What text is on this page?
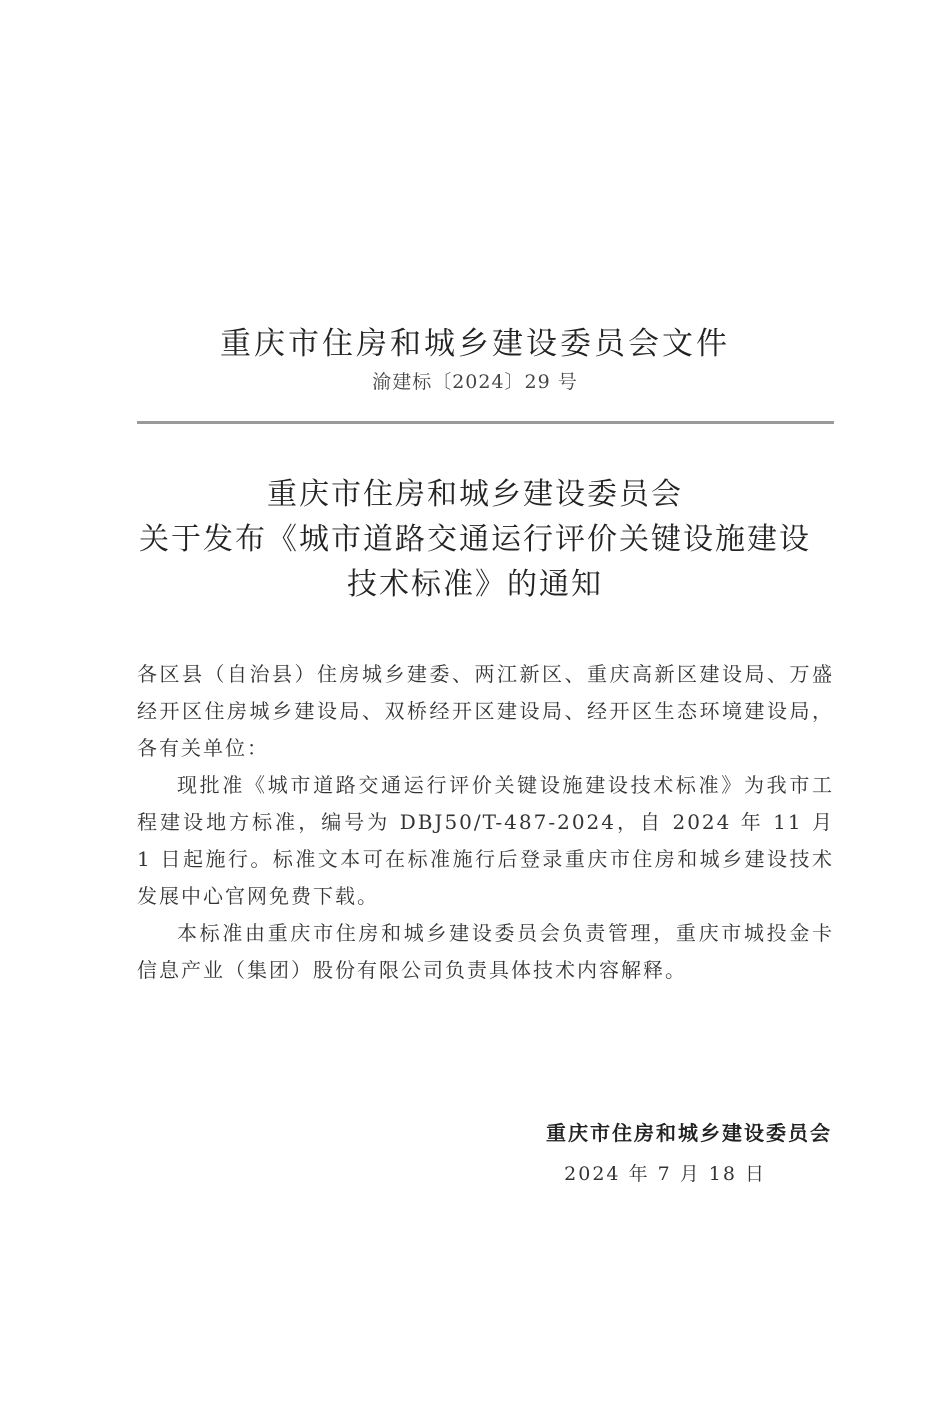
重庆市住房和城乡建设委员会文件
渝建标〔2024〕29 号
重庆市住房和城乡建设委员会
关于发布《城市道路交通运行评价关键设施建设
技术标准》的通知

各区县（自治县）住房城乡建委、两江新区、重庆高新区建设局、万盛经开区住房城乡建设局、双桥经开区建设局、经开区生态环境建设局，各有关单位：

现批准《城市道路交通运行评价关键设施建设技术标准》为我市工程建设地方标准，编号为 DBJ50/T-487-2024，自 2024 年 11 月 1 日起施行。标准文本可在标准施行后登录重庆市住房和城乡建设技术发展中心官网免费下载。

本标准由重庆市住房和城乡建设委员会负责管理，重庆市城投金卡信息产业（集团）股份有限公司负责具体技术内容解释。

重庆市住房和城乡建设委员会
2024 年 7 月 18 日
